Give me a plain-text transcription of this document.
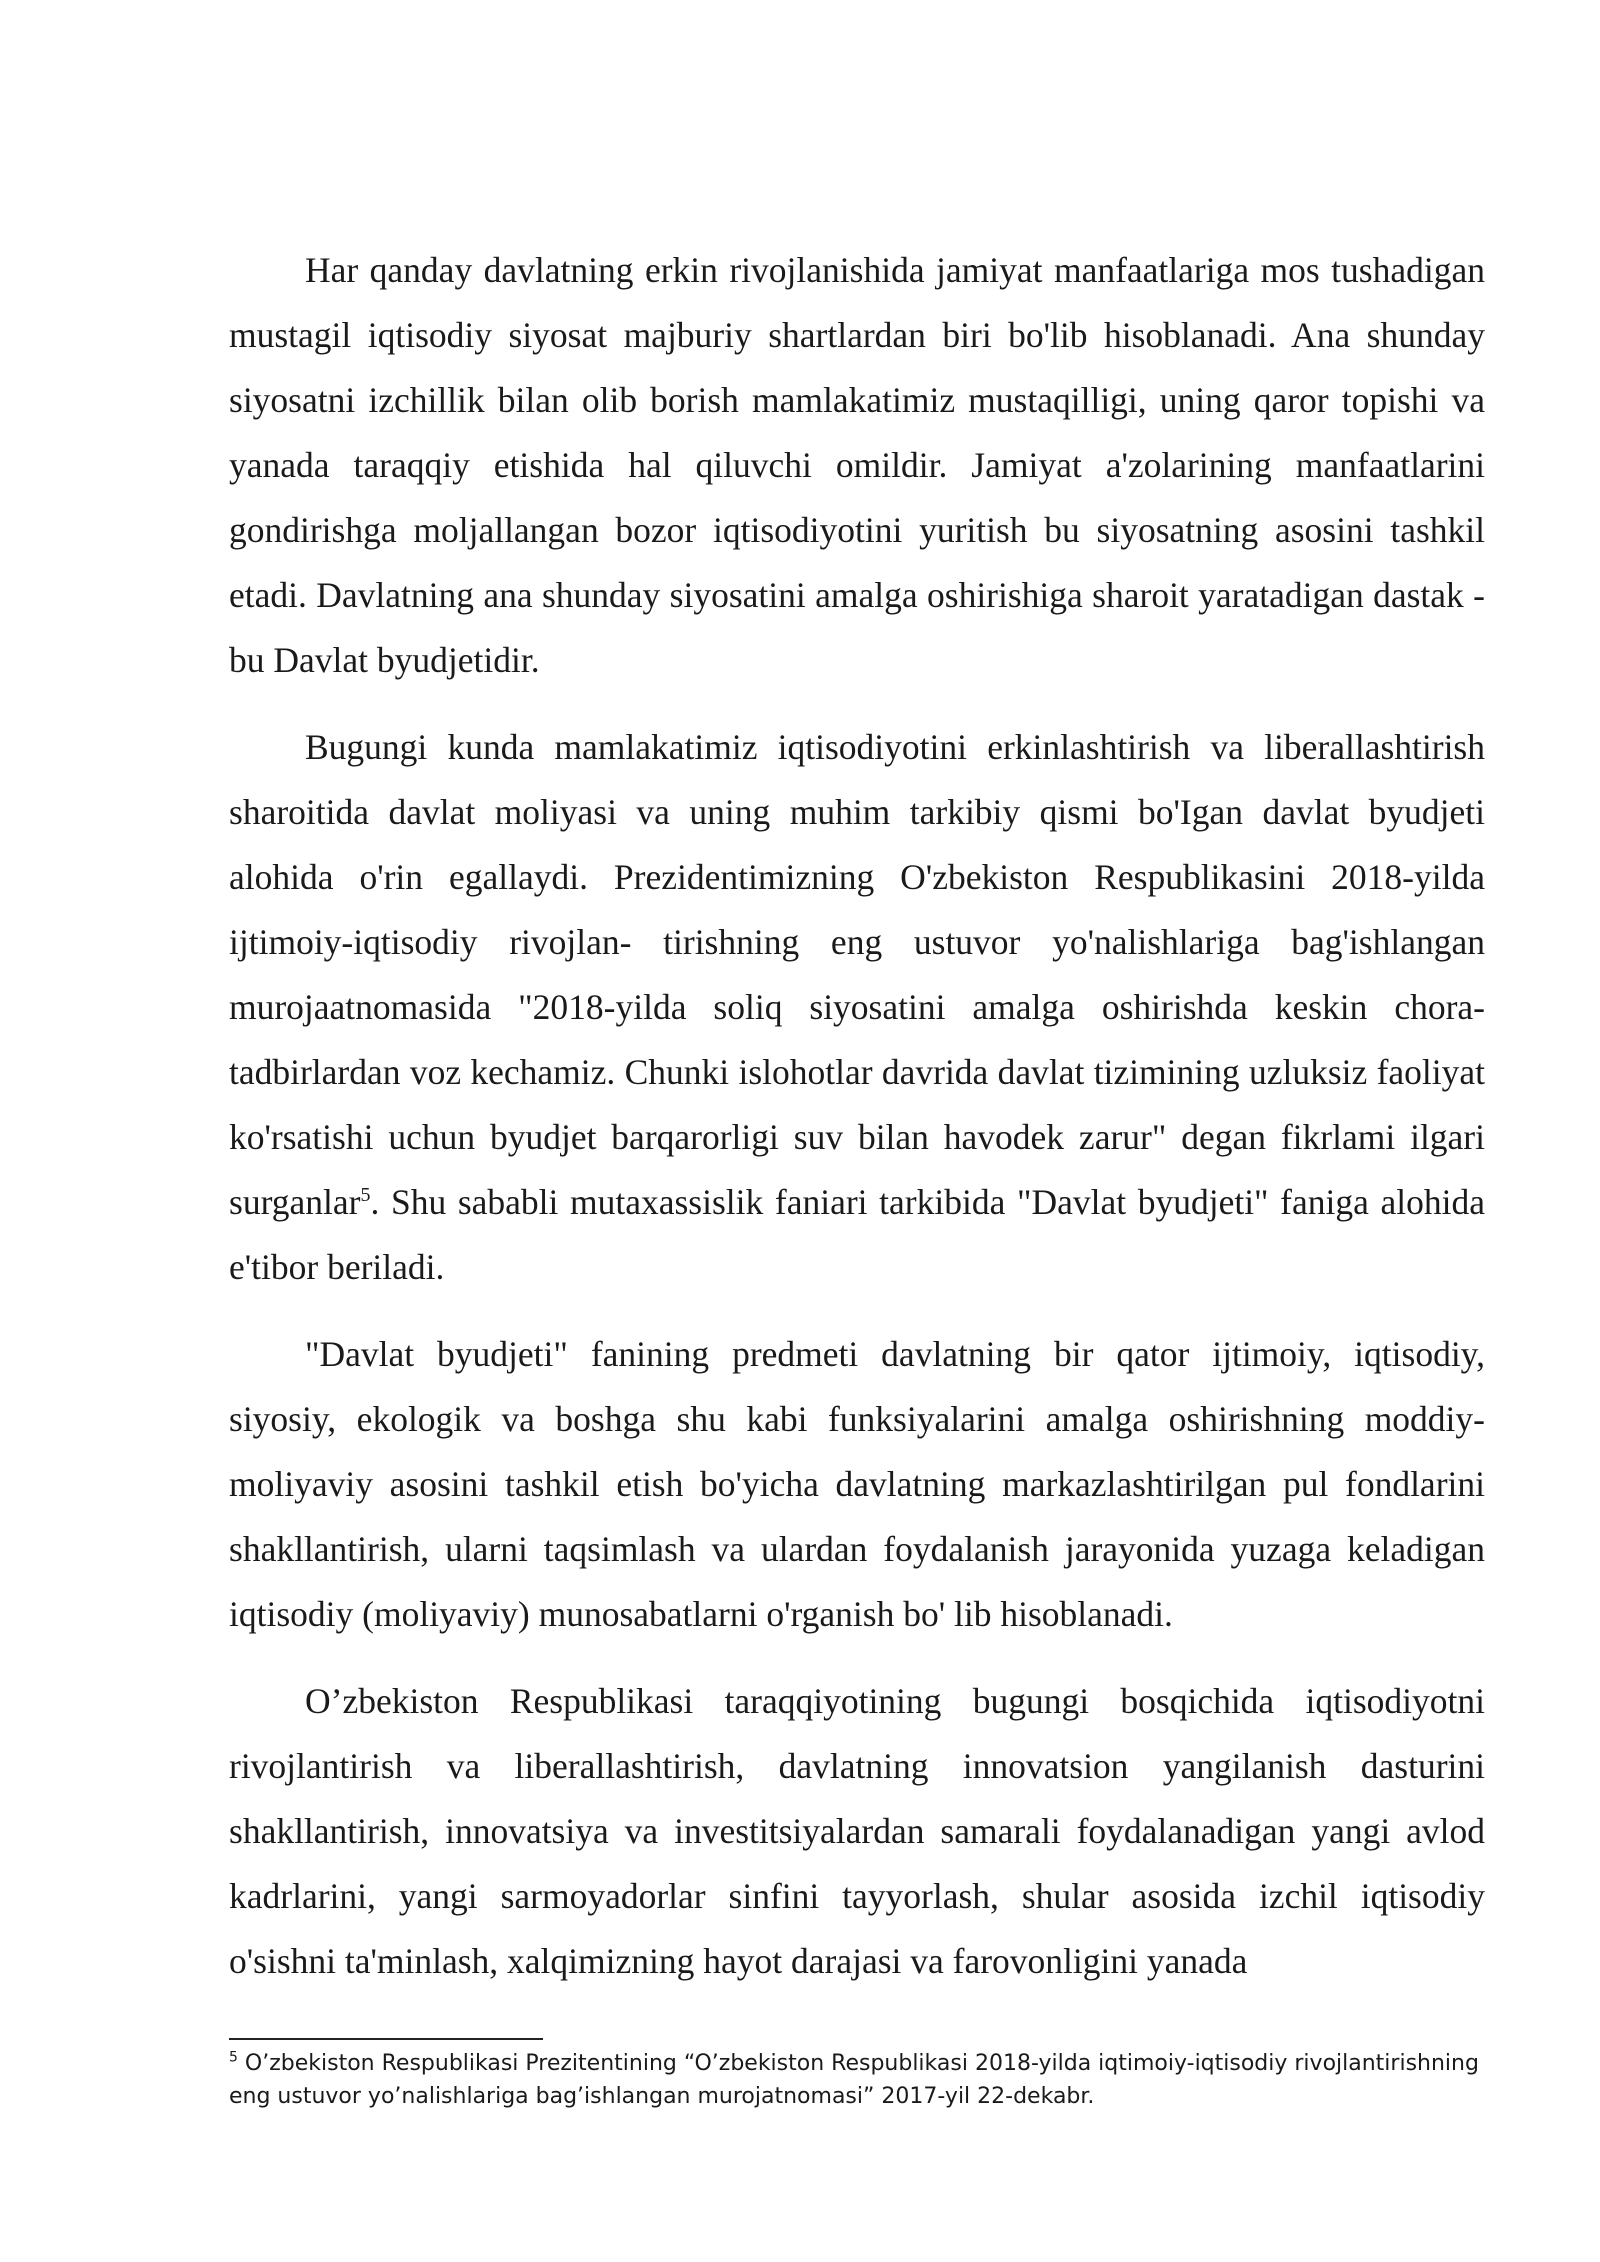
Har qanday davlatning erkin rivojlanishida jamiyat manfaatlariga mos tushadigan mustagil iqtisodiy siyosat majburiy shartlardan biri bo'lib hisoblanadi. Ana shunday siyosatni izchillik bilan olib borish mamlakatimiz mustaqilligi, uning qaror topishi va yanada taraqqiy etishida hal qiluvchi omildir. Jamiyat a'zolarining manfaatlarini gondirishga moljallangan bozor iqtisodiyotini yuritish bu siyosatning asosini tashkil etadi. Davlatning ana shunday siyosatini amalga oshirishiga sharoit yaratadigan dastak - bu Davlat byudjetidir.

Bugungi kunda mamlakatimiz iqtisodiyotini erkinlashtirish va liberallashtirish sharoitida davlat moliyasi va uning muhim tarkibiy qismi bo'Igan davlat byudjeti alohida o'rin egallaydi. Prezidentimizning O'zbekiston Respublikasini 2018-yilda ijtimoiy-iqtisodiy rivojlan- tirishning eng ustuvor yo'nalishlariga bag'ishlangan murojaatnomasida "2018-yilda soliq siyosatini amalga oshirishda keskin chora-tadbirlardan voz kechamiz. Chunki islohotlar davrida davlat tizimining uzluksiz faoliyat ko'rsatishi uchun byudjet barqarorligi suv bilan havodek zarur" degan fikrlami ilgari surganlar$^5$. Shu sababli mutaxassislik faniari tarkibida "Davlat byudjeti" faniga alohida e'tibor beriladi.

"Davlat byudjeti" fanining predmeti davlatning bir qator ijtimoiy, iqtisodiy, siyosiy, ekologik va boshga shu kabi funksiyalarini amalga oshirishning moddiy-moliyaviy asosini tashkil etish bo'yicha davlatning markazlashtirilgan pul fondlarini shakllantirish, ularni taqsimlash va ulardan foydalanish jarayonida yuzaga keladigan iqtisodiy (moliyaviy) munosabatlarni o'rganish bo' lib hisoblanadi.

O’zbekiston Respublikasi taraqqiyotining bugungi bosqichida iqtisodiyotni rivojlantirish va liberallashtirish, davlatning innovatsion yangilanish dasturini shakllantirish, innovatsiya va investitsiyalardan samarali foydalanadigan yangi avlod kadrlarini, yangi sarmoyadorlar sinfini tayyorlash, shular asosida izchil iqtisodiy o'sishni ta'minlash, xalqimizning hayot darajasi va farovonligini yanada

$^5$ O’zbekiston Respublikasi Prezitentining “O’zbekiston Respublikasi 2018-yilda iqtimoiy-iqtisodiy rivojlantirishning eng ustuvor yo’nalishlariga bag’ishlangan murojatnomasi” 2017-yil 22-dekabr.
